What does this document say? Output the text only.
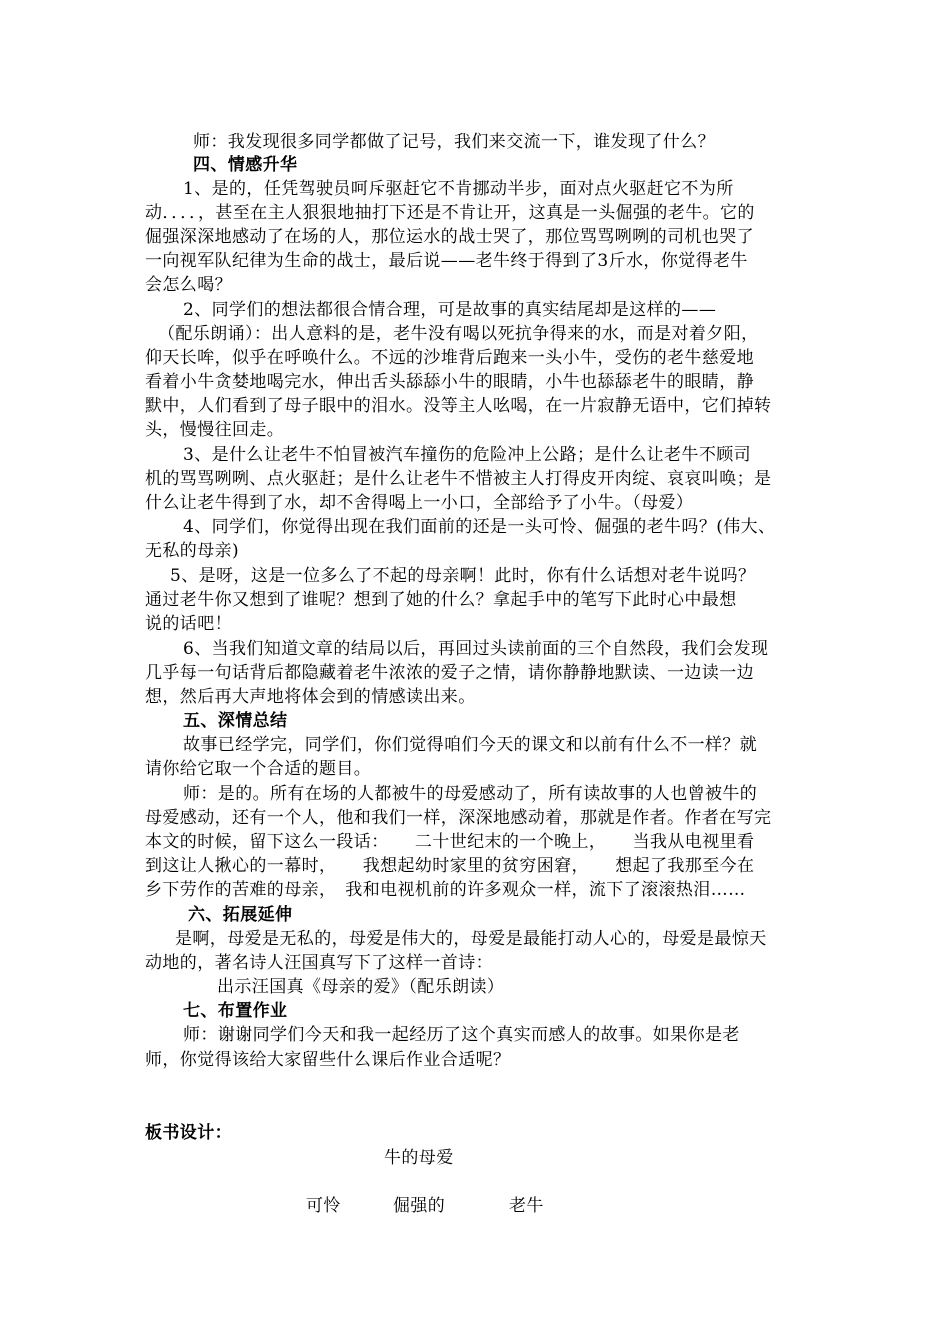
师：我发现很多同学都做了记号，我们来交流一下，谁发现了什么？
四、情感升华
1、是的，任凭驾驶员呵斥驱赶它不肯挪动半步，面对点火驱赶它不为所
动．．．．，甚至在主人狠狠地抽打下还是不肯让开，这真是一头倔强的老牛。它的
倔强深深地感动了在场的人，那位运水的战士哭了，那位骂骂咧咧的司机也哭了
一向视军队纪律为生命的战士，最后说——老牛终于得到了3斤水，你觉得老牛
会怎么喝？
2、同学们的想法都很合情合理，可是故事的真实结尾却是这样的——
（配乐朗诵）：出人意料的是，老牛没有喝以死抗争得来的水，而是对着夕阳，
仰天长哞，似乎在呼唤什么。不远的沙堆背后跑来一头小牛，受伤的老牛慈爱地
看着小牛贪婪地喝完水，伸出舌头舔舔小牛的眼睛，小牛也舔舔老牛的眼睛，静
默中，人们看到了母子眼中的泪水。没等主人吆喝，在一片寂静无语中，它们掉转
头，慢慢往回走。
3、是什么让老牛不怕冒被汽车撞伤的危险冲上公路；是什么让老牛不顾司
机的骂骂咧咧、点火驱赶；是什么让老牛不惜被主人打得皮开肉绽、哀哀叫唤；是
什么让老牛得到了水，却不舍得喝上一小口，全部给予了小牛。（母爱）
4、同学们，你觉得出现在我们面前的还是一头可怜、倔强的老牛吗？(伟大、
无私的母亲)
5、是呀，这是一位多么了不起的母亲啊！此时，你有什么话想对老牛说吗？
通过老牛你又想到了谁呢？想到了她的什么？拿起手中的笔写下此时心中最想
说的话吧！
6、当我们知道文章的结局以后，再回过头读前面的三个自然段，我们会发现
几乎每一句话背后都隐藏着老牛浓浓的爱子之情，请你静静地默读、一边读一边
想，然后再大声地将体会到的情感读出来。
五、深情总结
故事已经学完，同学们，你们觉得咱们今天的课文和以前有什么不一样？就
请你给它取一个合适的题目。
师：是的。所有在场的人都被牛的母爱感动了，所有读故事的人也曾被牛的
母爱感动，还有一个人，他和我们一样，深深地感动着，那就是作者。作者在写完
本文的时候，留下这么一段话：　　二十世纪末的一个晚上，　　当我从电视里看
到这让人揪心的一幕时，　　我想起幼时家里的贫穷困窘，　　想起了我那至今在
乡下劳作的苦难的母亲，　我和电视机前的许多观众一样，流下了滚滚热泪……
六、拓展延伸
是啊，母爱是无私的，母爱是伟大的，母爱是最能打动人心的，母爱是最惊天
动地的，著名诗人汪国真写下了这样一首诗：
出示汪国真《母亲的爱》（配乐朗读）
七、布置作业
师：谢谢同学们今天和我一起经历了这个真实而感人的故事。如果你是老
师，你觉得该给大家留些什么课后作业合适呢？
板书设计：
牛的母爱
可怜	倔强的	老牛
